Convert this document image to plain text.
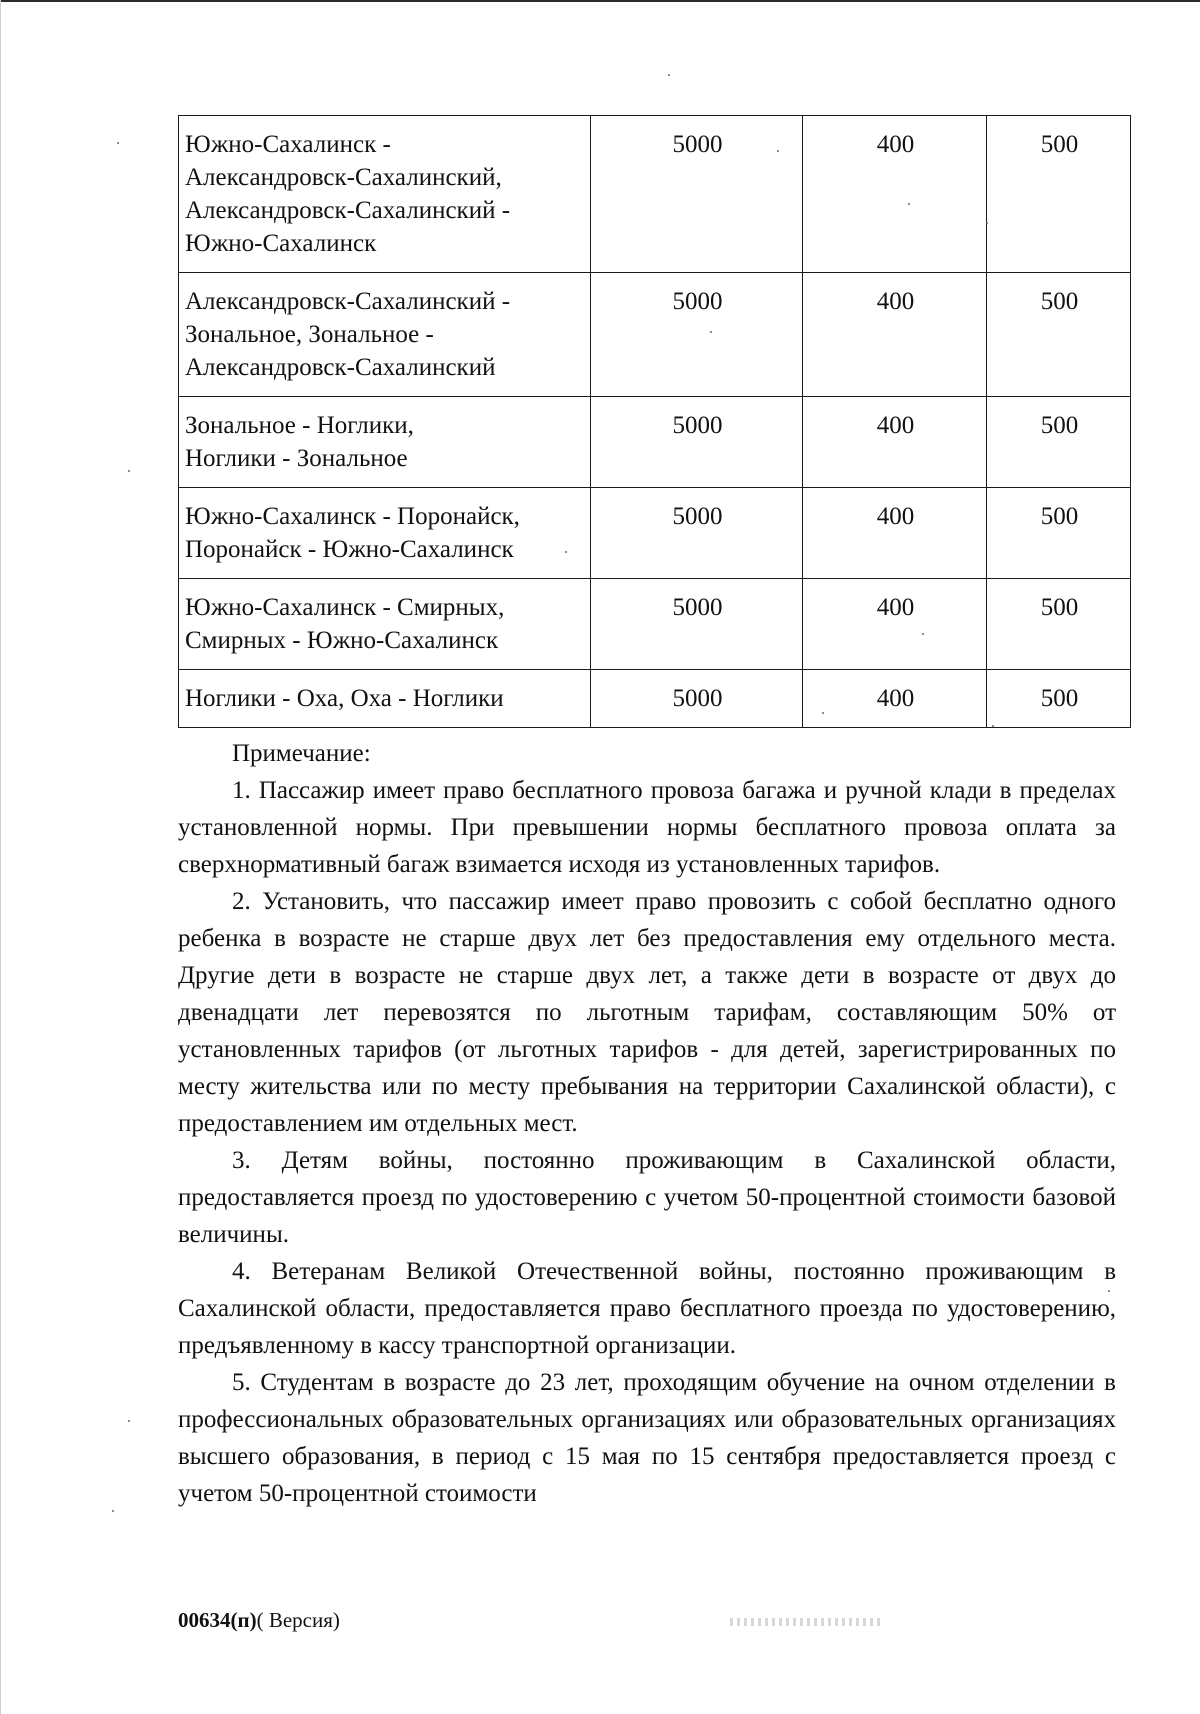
Южно-Сахалинск -
Александровск-Сахалинский,
Александровск-Сахалинский -
Южно-Сахалинск	5000	400	500

Александровск-Сахалинский -
Зональное, Зональное -
Александровск-Сахалинский	5000	400	500

Зональное - Ноглики,
Ноглики - Зональное	5000	400	500

Южно-Сахалинск - Поронайск,
Поронайск - Южно-Сахалинск	5000	400	500

Южно-Сахалинск - Смирных,
Смирных - Южно-Сахалинск	5000	400	500

Ноглики - Оха, Оха - Ноглики	5000	400	500

Примечание:

1. Пассажир имеет право бесплатного провоза багажа и ручной клади в пределах установленной нормы. При превышении нормы бесплатного провоза оплата за сверхнормативный багаж взимается исходя из установленных тарифов.

2. Установить, что пассажир имеет право провозить с собой бесплатно одного ребенка в возрасте не старше двух лет без предоставления ему отдельного места. Другие дети в возрасте не старше двух лет, а также дети в возрасте от двух до двенадцати лет перевозятся по льготным тарифам, составляющим 50% от установленных тарифов (от льготных тарифов - для детей, зарегистрированных по месту жительства или по месту пребывания на территории Сахалинской области), с предоставлением им отдельных мест.

3. Детям войны, постоянно проживающим в Сахалинской области, предоставляется проезд по удостоверению с учетом 50-процентной стоимости базовой величины.

4. Ветеранам Великой Отечественной войны, постоянно проживающим в Сахалинской области, предоставляется право бесплатного проезда по удостоверению, предъявленному в кассу транспортной организации.

5. Студентам в возрасте до 23 лет, проходящим обучение на очном отделении в профессиональных образовательных организациях или образовательных организациях высшего образования, в период с 15 мая по 15 сентября предоставляется проезд с учетом 50-процентной стоимости

00634(п)( Версия)
